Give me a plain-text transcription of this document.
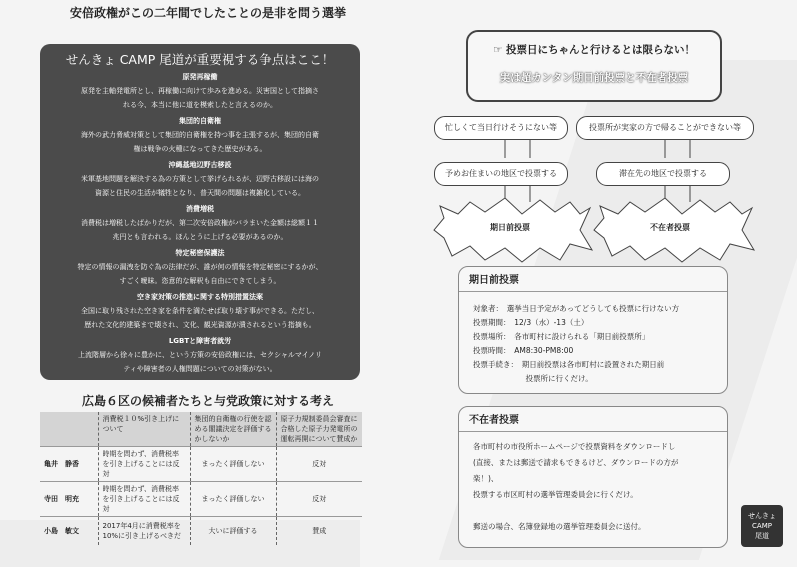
安倍政権がこの二年間でしたことの是非を問う選挙
せんきょ CAMP 尾道が重要視する争点はここ！
原発再稼働
原発を主軸発電所とし、再稼働に向けて歩みを進める。災害国として指摘さ
れる今、本当に他に道を模索したと言えるのか。
集団的自衛権
海外の武力脅威対策として集団的自衛権を持つ事を主張するが、集団的自衛
権は戦争の火種になってきた歴史がある。
沖縄基地辺野古移設
米軍基地問題を解決する為の方策として挙げられるが、辺野古移設には海の
資源と住民の生活が犠牲となり、普天間の問題は複雑化している。
消費増税
消費税は増税したばかりだが、第二次安倍政権がバラまいた金額は総額１１
兆円とも言われる。ほんとうに上げる必要があるのか。
特定秘密保護法
特定の情報の漏洩を防ぐ為の法律だが、誰が何の情報を特定秘密にするかが、
すごく曖昧。恣意的な解釈も自由にできてしまう。
空き家対策の推進に関する特別措置法案
全国に取り残された空き家を条件を満たせば取り壊す事ができる。ただし、
歴れた文化的建築まで壊され、文化、観光資源が潰されるという指摘も。
LGBTと障害者就労
上流階層から徐々に豊かに、という方策の安倍政権には、セクシャルマイノリ
ティや障害者の人権問題についての対策がない。
広島６区の候補者たちと与党政策に対する考え
	消費税１０%引き上げについて	集団的自衛権の行使を認める閣議決定を評価するかしないか	原子力規制委員会審査に合格した原子力発電所の運転再開について賛成か
亀井　静香	時期を問わず、消費税率を引き上げることには反対	まったく評価しない	反対
寺田　明充	時期を問わず、消費税率を引き上げることには反対	まったく評価しない	反対
小島　敏文	2017年4月に消費税率を10%に引き上げるべきだ	大いに評価する	賛成
☞ 投票日にちゃんと行けるとは限らない！
実は超カンタン期日前投票と不在者投票
忙しくて当日行けそうにない等	投票所が実家の方で帰ることができない等
予めお住まいの地区で投票する	滞在先の地区で投票する
期日前投票	不在者投票
期日前投票
対象者：　選挙当日予定があってどうしても投票に行けない方
投票期間：　12/3（水）-13（土）
投票場所：　各市町村に設けられる「期日前投票所」
投票時間：　AM8:30-PM8:00
投票手続き：　期日前投票は各市町村に設置された期日前
　　　　　　　投票所に行くだけ。
不在者投票
各市町村の市役所ホームページで投票資料をダウンロードし
(直接、または郵送で請求もできるけど、ダウンロードの方が
楽！)、
投票する市区町村の選挙管理委員会に行くだけ。
郵送の場合、名簿登録地の選挙管理委員会に送付。
せんきょ
CAMP
尾道
